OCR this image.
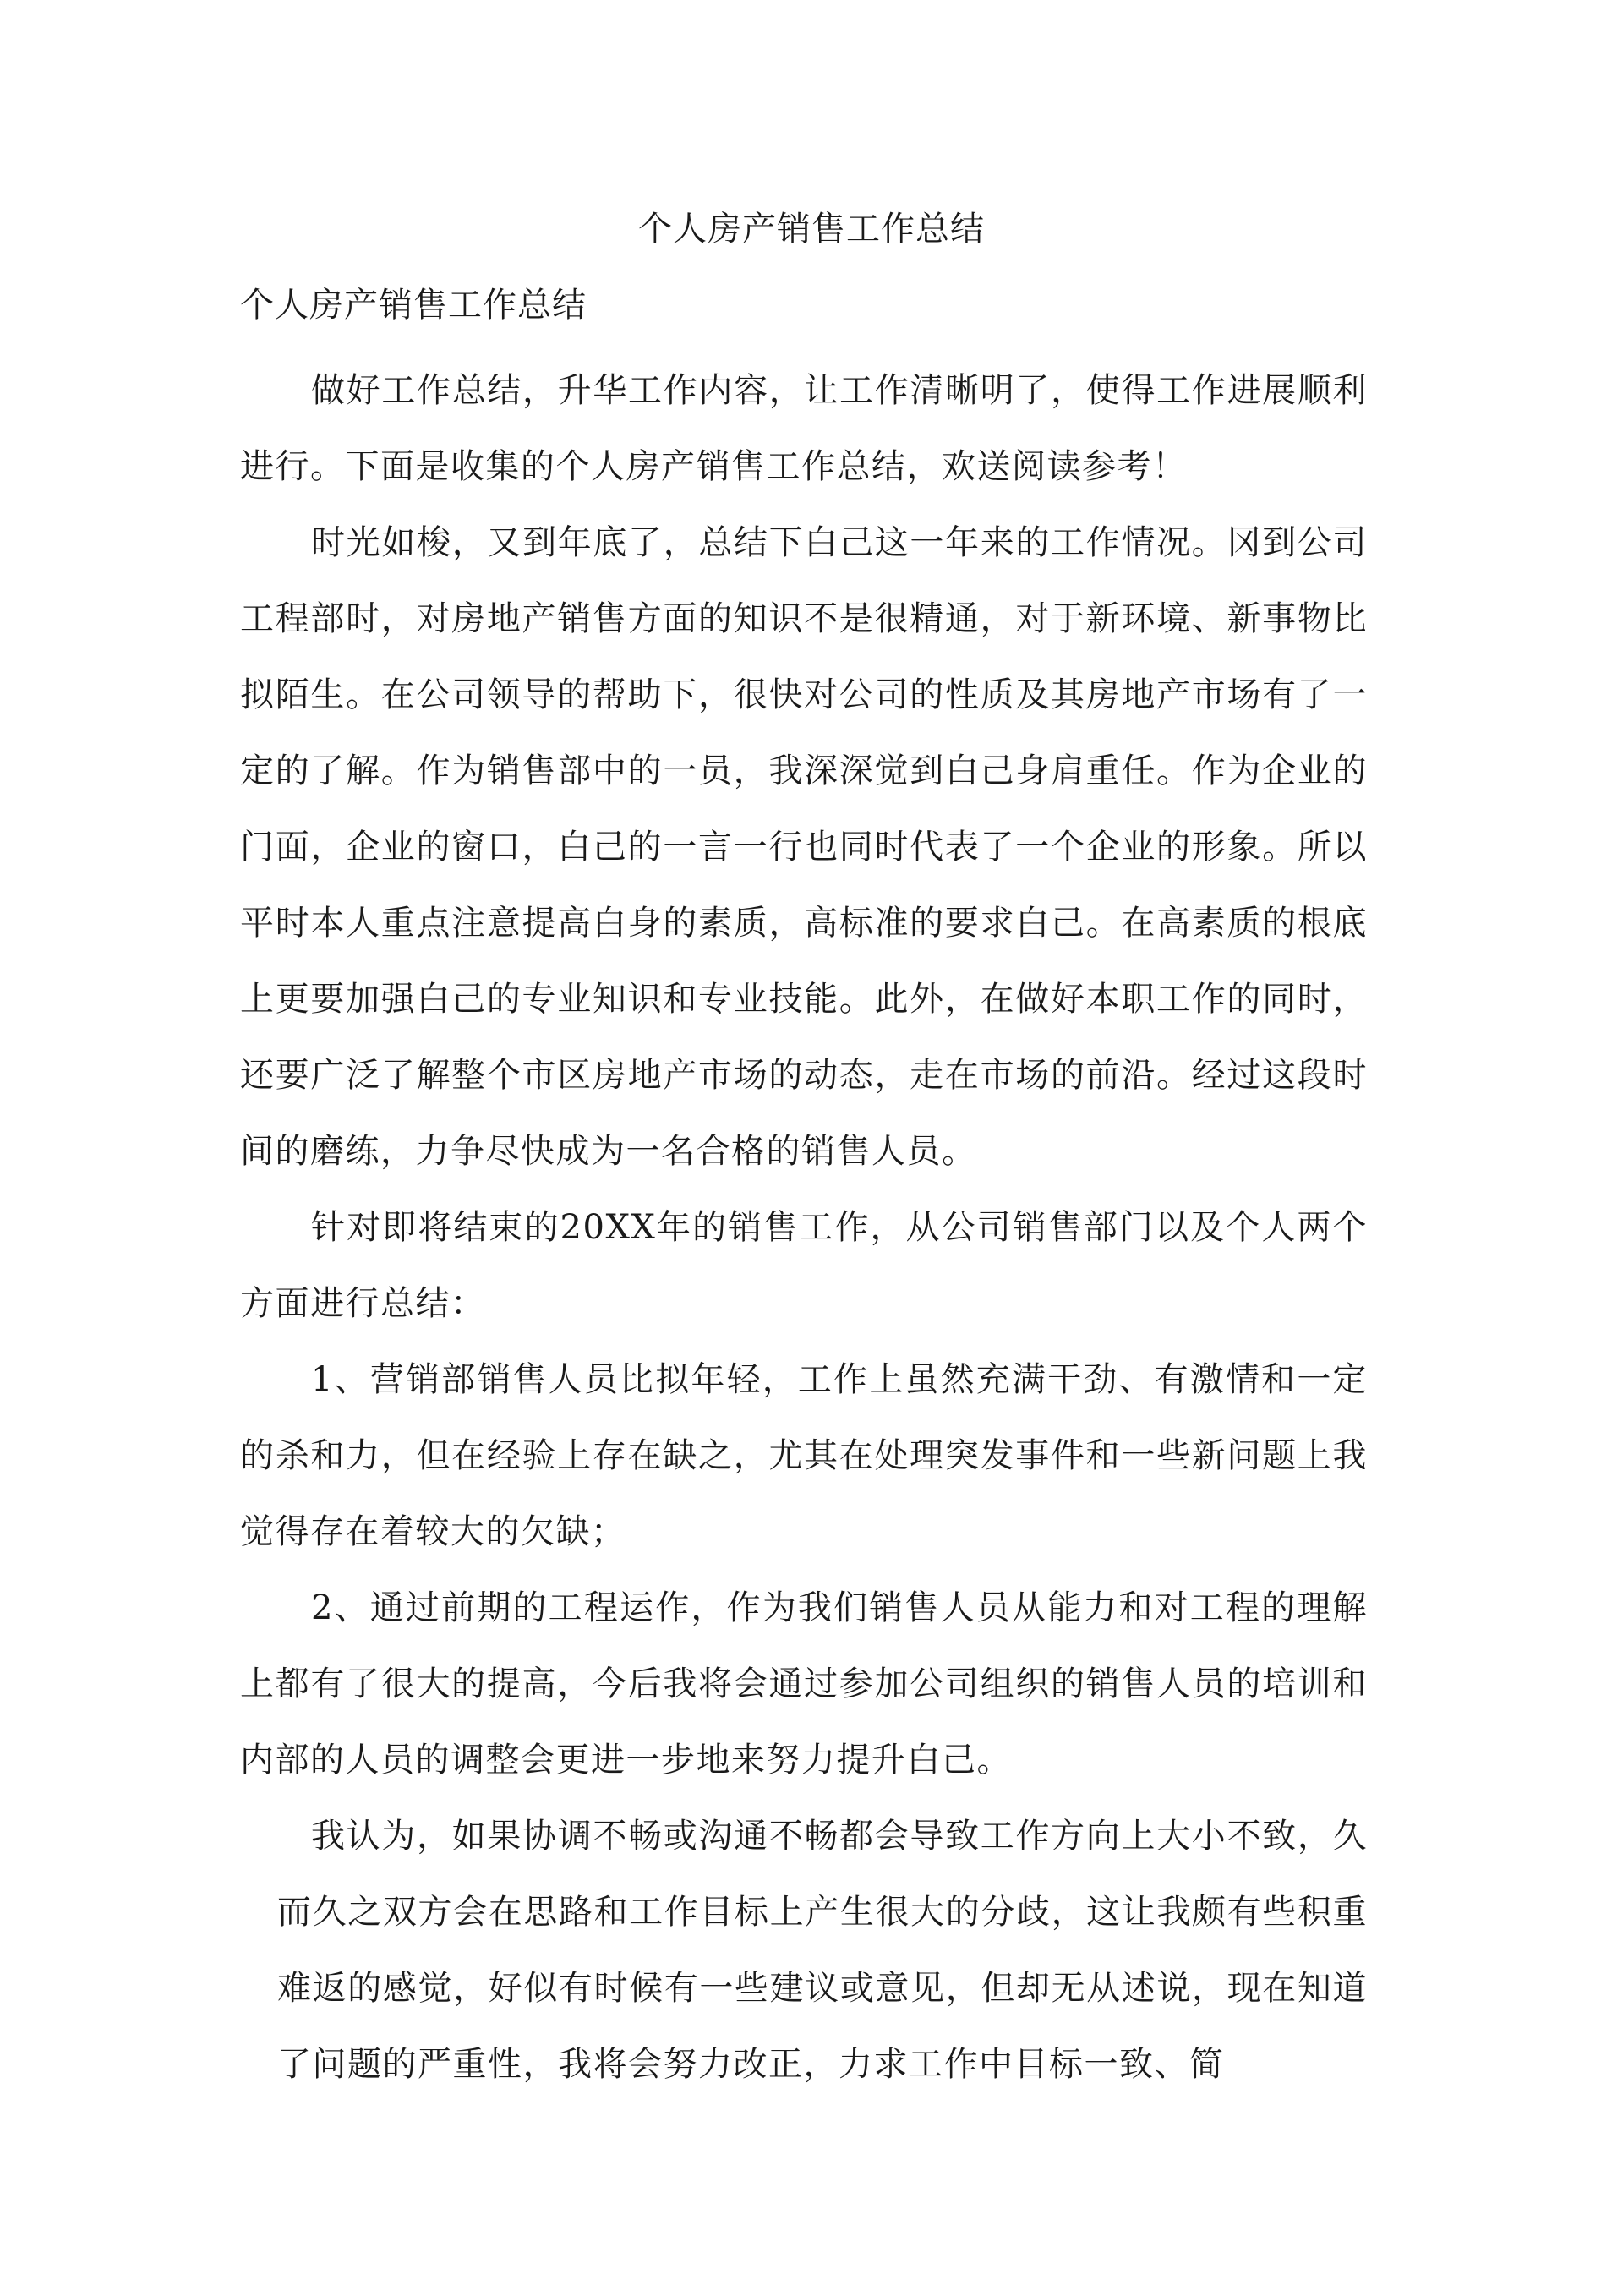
个人房产销售工作总结
个人房产销售工作总结

做好工作总结，升华工作内容，让工作清晰明了，使得工作进展顺利进行。下面是收集的个人房产销售工作总结，欢送阅读参考！

时光如梭，又到年底了，总结下白己这一年来的工作情况。冈到公司工程部时，对房地产销售方面的知识不是很精通，对于新环境、新事物比拟陌生。在公司领导的帮助下，很快对公司的性质及其房地产市场有了一定的了解。作为销售部中的一员，我深深觉到白己身肩重任。作为企业的门面，企业的窗口，白己的一言一行也同时代表了一个企业的形象。所以平时本人重点注意提高白身的素质，高标准的要求白己。在高素质的根底上更要加强白己的专业知识和专业技能。此外，在做好本职工作的同时，还要广泛了解整个市区房地产市场的动态，走在市场的前沿。经过这段时间的磨练，力争尽快成为一名合格的销售人员。

针对即将结束的20XX年的销售工作，从公司销售部门以及个人两个方面进行总结：

1、营销部销售人员比拟年轻，工作上虽然充满干劲、有激情和一定的杀和力，但在经验上存在缺之，尤其在处理突发事件和一些新问题上我觉得存在着较大的欠缺；

2、通过前期的工程运作，作为我们销售人员从能力和对工程的理解上都有了很大的提高，今后我将会通过参加公司组织的销售人员的培训和内部的人员的调整会更进一步地来努力提升白己。

我认为，如果协调不畅或沟通不畅都会导致工作方向上大小不致，久而久之双方会在思路和工作目标上产生很大的分歧，这让我颇有些积重难返的感觉，好似有时候有一些建议或意见，但却无从述说，现在知道了问题的严重性，我将会努力改正，力求工作中目标一致、简
